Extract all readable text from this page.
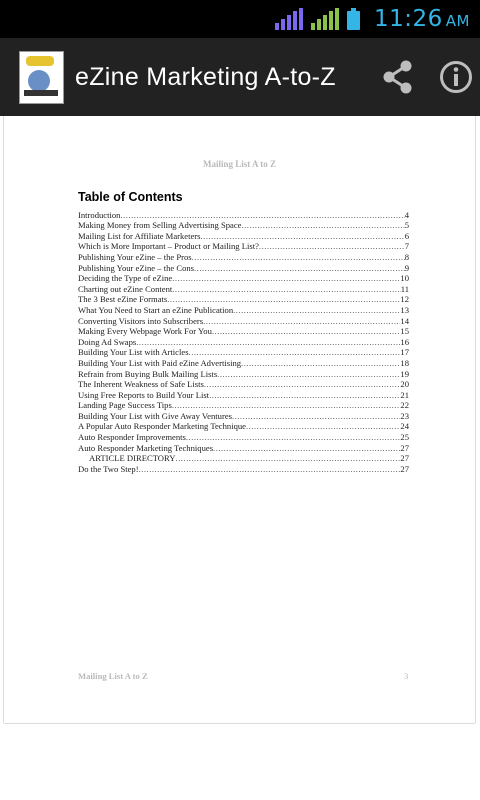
11:26 AM
eZine Marketing A-to-Z
Mailing List A to Z
Table of Contents
Introduction .....	4
Making Money from Selling Advertising Space .....	5
Mailing List for Affiliate Marketers .....	6
Which is More Important – Product or Mailing List? .....	7
Publishing Your eZine – the Pros .....	8
Publishing Your eZine – the Cons .....	9
Deciding the Type of eZine .....	10
Charting out eZine Content .....	11
The 3 Best eZine Formats .....	12
What You Need to Start an eZine Publication .....	13
Converting Visitors into Subscribers .....	14
Making Every Webpage Work For You .....	15
Doing Ad Swaps .....	16
Building Your List with Articles .....	17
Building Your List with Paid eZine Advertising .....	18
Refrain from Buying Bulk Mailing Lists .....	19
The Inherent Weakness of Safe Lists .....	20
Using Free Reports to Build Your List .....	21
Landing Page Success Tips .....	22
Building Your List with Give Away Ventures .....	23
A Popular Auto Responder Marketing Technique .....	24
Auto Responder Improvements .....	25
Auto Responder Marketing Techniques .....	27
ARTICLE DIRECTORY .....	27
Do the Two Step! .....	27
Mailing List A to Z	3
